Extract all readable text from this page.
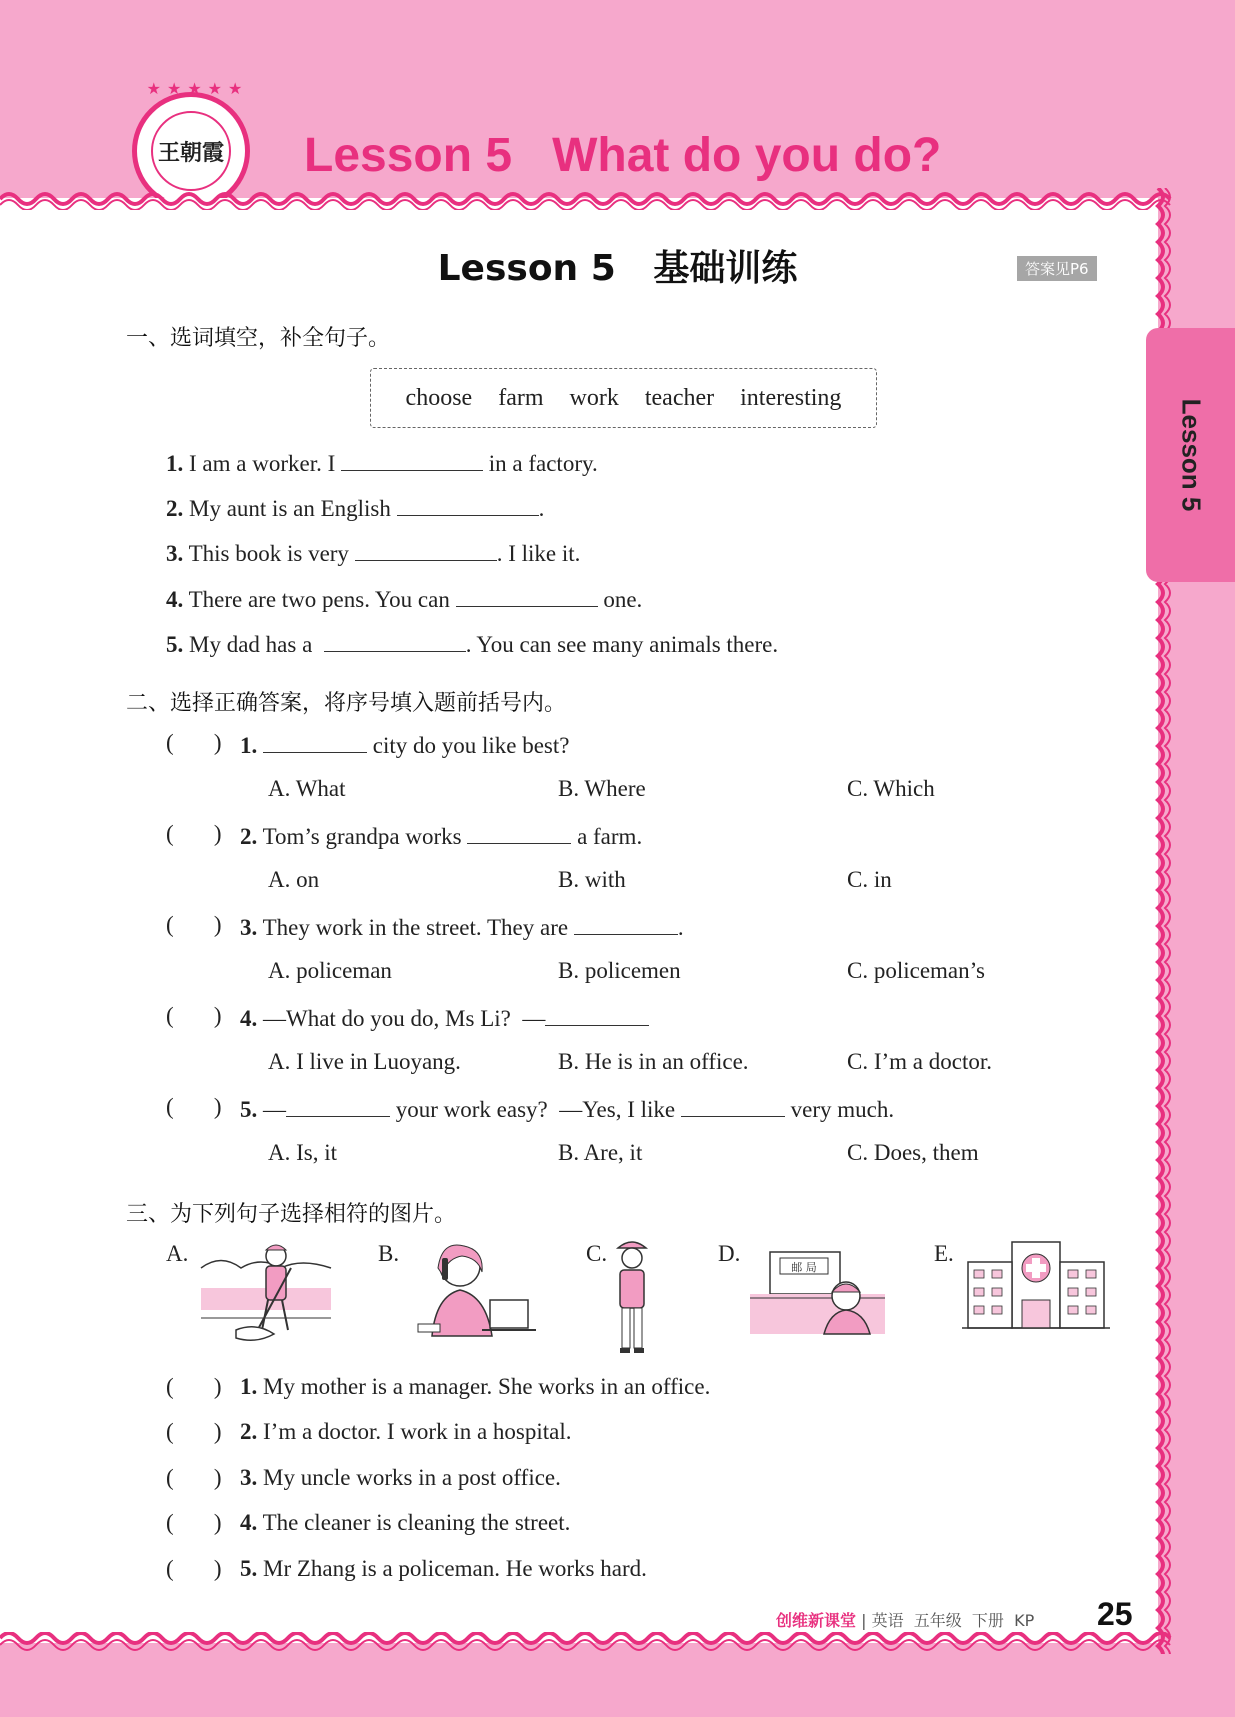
★ ★ ★ ★ ★
王朝霞 Lesson 5   What do you do?
Lesson 5
Lesson 5   基础训练	答案见P6
一、选词填空，补全句子。
choose farm work teacher interesting
1. I am a worker. I	in a factory.
2. My aunt is an English	.
3. This book is very	. I like it.
4. There are two pens. You can	one.
5. My dad has a	. You can see many animals there.
二、选择正确答案，将序号填入题前括号内。
(       ) 1.	city do you like best?
A. What	B. Where	C. Which
(       ) 2. Tom’s grandpa works	a farm.
A. on	B. with	C. in
(       ) 3. They work in the street. They are	.
A. policeman	B. policemen	C. policeman’s
(       ) 4. —What do you do, Ms Li?  —
A. I live in Luoyang.	B. He is in an office.	C. I’m a doctor.
(       ) 5. —	your work easy?  —Yes, I like	very much.
A. Is, it	B. Are, it	C. Does, them
三、为下列句子选择相符的图片。
A.	B.	C.	D.
邮 局
E.
(       ) 1. My mother is a manager. She works in an office.
(       ) 2. I’m a doctor. I work in a hospital.
(       ) 3. My uncle works in a post office.
(       ) 4. The cleaner is cleaning the street.
(       ) 5. Mr Zhang is a policeman. He works hard.
创维新课堂 | 英语  五年级  下册  KP 25
